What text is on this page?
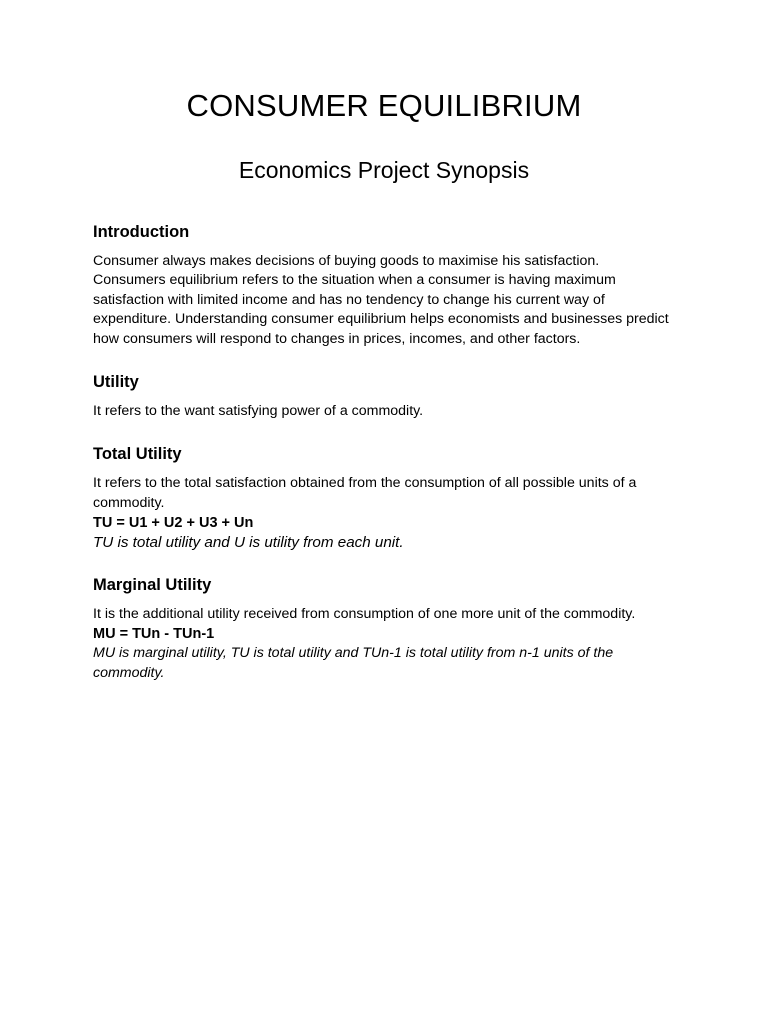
CONSUMER EQUILIBRIUM
Economics Project Synopsis
Introduction

Consumer always makes decisions of buying goods to maximise his satisfaction. Consumers equilibrium refers to the situation when a consumer is having maximum satisfaction with limited income and has no tendency to change his current way of expenditure. Understanding consumer equilibrium helps economists and businesses predict how consumers will respond to changes in prices, incomes, and other factors.

Utility

It refers to the want satisfying power of a commodity.

Total Utility

It refers to the total satisfaction obtained from the consumption of all possible units of a commodity.

TU = U1 + U2 + U3 + Un

TU is total utility and U is utility from each unit.

Marginal Utility

It is the additional utility received from consumption of one more unit of the commodity.

MU = TUn - TUn-1

MU is marginal utility, TU is total utility and TUn-1 is total utility from n-1 units of the commodity.
